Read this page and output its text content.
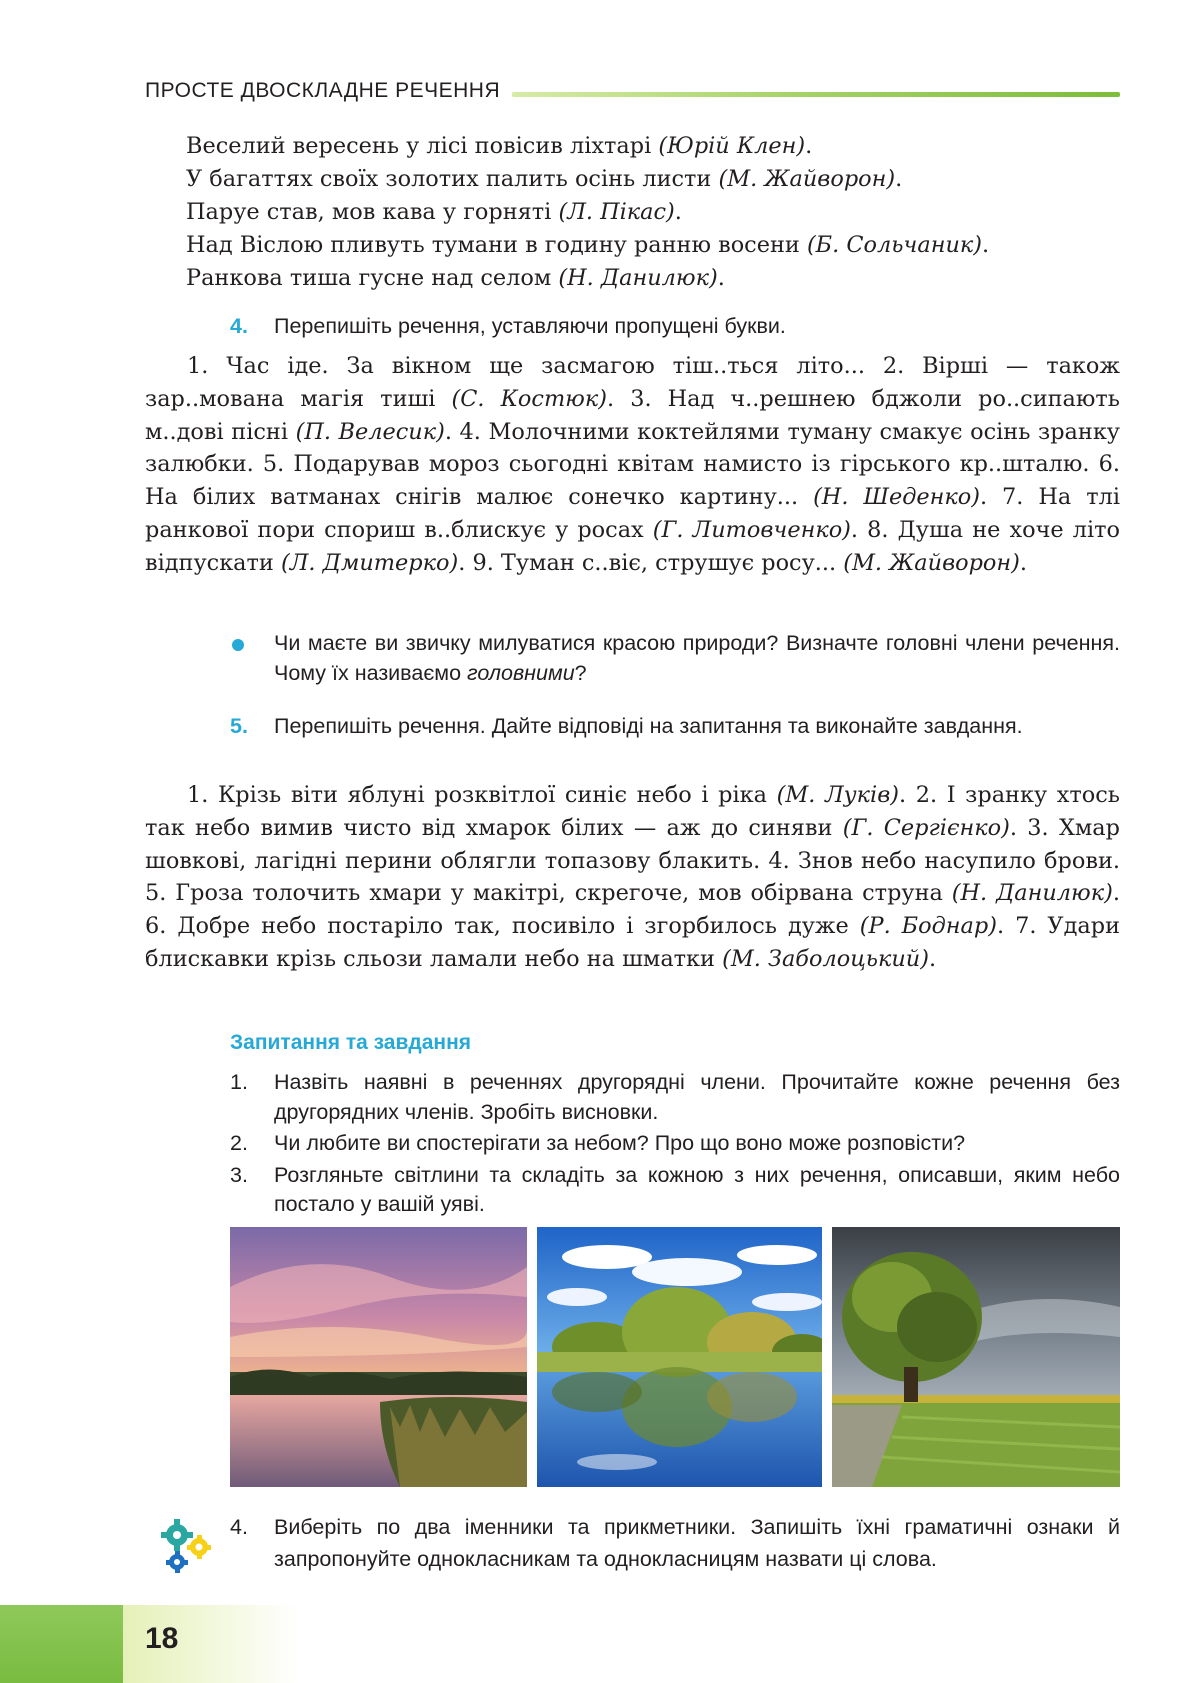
ПРОСТЕ ДВОСКЛАДНЕ РЕЧЕННЯ
Веселий вересень у лісі повісив ліхтарі (Юрій Клен).
У багаттях своїх золотих палить осінь листи (М. Жайворон).
Паруе став, мов кава у горняті (Л. Пікас).
Над Віслою пливуть тумани в годину ранню восени (Б. Сольчаник).
Ранкова тиша гусне над селом (Н. Данилюк).
4. Перепишіть речення, уставляючи пропущені букви.

1. Час іде. За вікном ще засмагою тіш..ться літо... 2. Вірші — також зар..мована магія тиші (С. Костюк). 3. Над ч..решнею бджоли ро..сипають м..дові пісні (П. Велесик). 4. Молочними коктейлями туману смакує осінь зранку залюбки. 5. Подарував мороз сьогодні квітам намисто із гірського кр..шталю. 6. На білих ватманах снігів малює сонечко картину... (Н. Шеденко). 7. На тлі ранкової пори спориш в..блискує у росах (Г. Литовченко). 8. Душа не хоче літо відпускати (Л. Дмитерко). 9. Туман с..віє, струшує росу... (М. Жайворон).

Чи маєте ви звичку милуватися красою природи? Визначте головні члени речення. Чому їх називаємо головними?
5. Перепишіть речення. Дайте відповіді на запитання та виконайте завдання.

1. Крізь віти яблуні розквітлої синіє небо і ріка (М. Луків). 2. І зранку хтось так небо вимив чисто від хмарок білих — аж до синяви (Г. Сергієнко). 3. Хмар шовкові, лагідні перини облягли топазову блакить. 4. Знов небо насупило брови. 5. Гроза толочить хмари у макітрі, скрегоче, мов обірвана струна (Н. Данилюк). 6. Добре небо постаріло так, посивіло і згорбилось дуже (Р. Боднар). 7. Удари блискавки крізь сльози ламали небо на шматки (М. Заболоцький).

Запитання та завдання
1. Назвіть наявні в реченнях другорядні члени. Прочитайте кожне речення без другорядних членів. Зробіть висновки.
2. Чи любите ви спостерігати за небом? Про що воно може розповісти?
3. Розгляньте світлини та складіть за кожною з них речення, описавши, яким небо постало у вашій уяві.
4. Виберіть по два іменники та прикметники. Запишіть їхні граматичні ознаки й запропонуйте однокласникам та однокласницям назвати ці слова.
18
